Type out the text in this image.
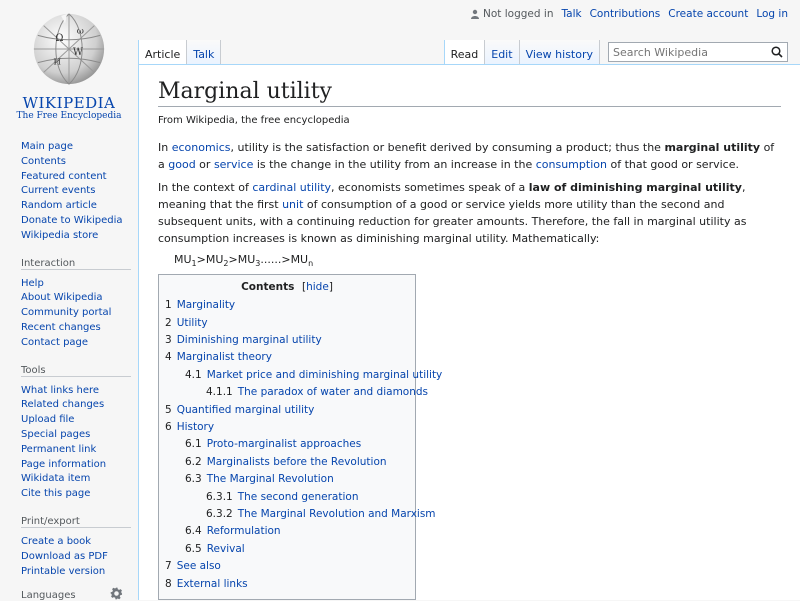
Not logged in Talk Contributions Create account Log in
Ω
W
И
ω
WIKIPEDIA
The Free Encyclopedia
Main page
Contents
Featured content
Current events
Random article
Donate to Wikipedia
Wikipedia store
Interaction
Help
About Wikipedia
Community portal
Recent changes
Contact page
Tools
What links here
Related changes
Upload file
Special pages
Permanent link
Page information
Wikidata item
Cite this page
Print/export
Create a book
Download as PDF
Printable version
Languages
Article	Talk	Read	Edit	View history
Search Wikipedia
Marginal utility
From Wikipedia, the free encyclopedia

In economics, utility is the satisfaction or benefit derived by consuming a product; thus the marginal utility of a good or service is the change in the utility from an increase in the consumption of that good or service.

In the context of cardinal utility, economists sometimes speak of a law of diminishing marginal utility, meaning that the first unit of consumption of a good or service yields more utility than the second and subsequent units, with a continuing reduction for greater amounts. Therefore, the fall in marginal utility as consumption increases is known as diminishing marginal utility. Mathematically:

$MU_1>MU_2>MU_3......>MU_n$
Contents [hide]
1 Marginality
2 Utility
3 Diminishing marginal utility
4 Marginalist theory
4.1 Market price and diminishing marginal utility
4.1.1 The paradox of water and diamonds
5 Quantified marginal utility
6 History
6.1 Proto-marginalist approaches
6.2 Marginalists before the Revolution
6.3 The Marginal Revolution
6.3.1 The second generation
6.3.2 The Marginal Revolution and Marxism
6.4 Reformulation
6.5 Revival
7 See also
8 External links
